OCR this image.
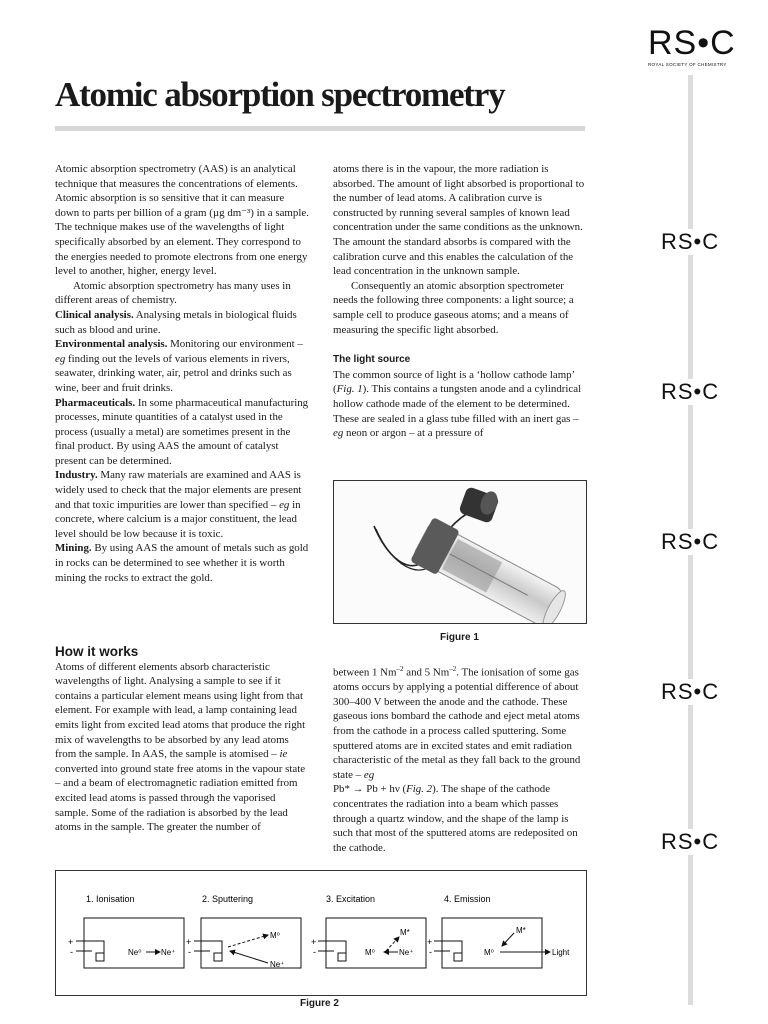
RS•C
ROYAL SOCIETY OF CHEMISTRY
RS•C
RS•C
RS•C
RS•C
RS•C
Atomic absorption spectrometry

Atomic absorption spectrometry (AAS) is an analytical technique that measures the concentrations of elements. Atomic absorption is so sensitive that it can measure down to parts per billion of a gram (µg dm⁻³) in a sample. The technique makes use of the wavelengths of light specifically absorbed by an element. They correspond to the energies needed to promote electrons from one energy level to another, higher, energy level.

Atomic absorption spectrometry has many uses in different areas of chemistry.

Clinical analysis. Analysing metals in biological fluids such as blood and urine.

Environmental analysis. Monitoring our environment – eg finding out the levels of various elements in rivers, seawater, drinking water, air, petrol and drinks such as wine, beer and fruit drinks.

Pharmaceuticals. In some pharmaceutical manufacturing processes, minute quantities of a catalyst used in the process (usually a metal) are sometimes present in the final product. By using AAS the amount of catalyst present can be determined.

Industry. Many raw materials are examined and AAS is widely used to check that the major elements are present and that toxic impurities are lower than specified – eg in concrete, where calcium is a major constituent, the lead level should be low because it is toxic.

Mining. By using AAS the amount of metals such as gold in rocks can be determined to see whether it is worth mining the rocks to extract the gold.

How it works

Atoms of different elements absorb characteristic wavelengths of light. Analysing a sample to see if it contains a particular element means using light from that element. For example with lead, a lamp containing lead emits light from excited lead atoms that produce the right mix of wavelengths to be absorbed by any lead atoms from the sample. In AAS, the sample is atomised – ie converted into ground state free atoms in the vapour state – and a beam of electromagnetic radiation emitted from excited lead atoms is passed through the vaporised sample. Some of the radiation is absorbed by the lead atoms in the sample. The greater the number of

atoms there is in the vapour, the more radiation is absorbed. The amount of light absorbed is proportional to the number of lead atoms. A calibration curve is constructed by running several samples of known lead concentration under the same conditions as the unknown. The amount the standard absorbs is compared with the calibration curve and this enables the calculation of the lead concentration in the unknown sample.

Consequently an atomic absorption spectrometer needs the following three components: a light source; a sample cell to produce gaseous atoms; and a means of measuring the specific light absorbed.

The light source

The common source of light is a ‘hollow cathode lamp’ (Fig. 1). This contains a tungsten anode and a cylindrical hollow cathode made of the element to be determined. These are sealed in a glass tube filled with an inert gas – eg neon or argon – at a pressure of

Figure 1

between 1 $Nm^{-2}$ and 5 $Nm^{-2}$. The ionisation of some gas atoms occurs by applying a potential difference of about 300–400 V between the anode and the cathode. These gaseous ions bombard the cathode and eject metal atoms from the cathode in a process called sputtering. Some sputtered atoms are in excited states and emit radiation characteristic of the metal as they fall back to the ground state – eg
Pb* → Pb + hν (Fig. 2). The shape of the cathode concentrates the radiation into a beam which passes through a quartz window, and the shape of the lamp is such that most of the sputtered atoms are redeposited on the cathode.

1. Ionisation	2. Sputtering	3. Excitation	4. Emission
+
-	Ne⁰ Ne⁺
+
-
M⁰
Ne⁺
+
-
M*
M⁰	Ne⁺
+
-
M*
M⁰	Light
Figure 2
